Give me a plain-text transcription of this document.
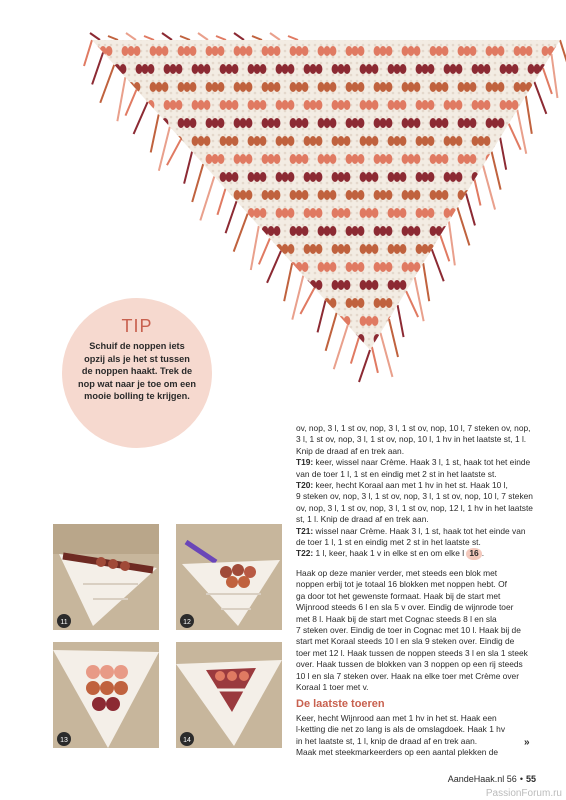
TIP
Schuif de noppen iets
opzij als je het st tussen
de noppen haakt. Trek de
nop wat naar je toe om een
mooie bolling te krijgen.
11	12
13	14
ov, nop, 3 l, 1 st ov, nop, 3 l, 1 st ov, nop, 10 l, 7 steken ov, nop,
3 l, 1 st ov, nop, 3 l, 1 st ov, nop, 10 l, 1 hv in het laatste st, 1 l.
Knip de draad af en trek aan.
T19: keer, wissel naar Crème. Haak 3 l, 1 st, haak tot het einde
van de toer 1 l, 1 st en eindig met 2 st in het laatste st.
T20: keer, hecht Koraal aan met 1 hv in het st. Haak 10 l,
9 steken ov, nop, 3 l, 1 st ov, nop, 3 l, 1 st ov, nop, 10 l, 7 steken
ov, nop, 3 l, 1 st ov, nop, 3 l, 1 st ov, nop, 12 l, 1 hv in het laatste
st, 1 l. Knip de draad af en trek aan.
T21: wissel naar Crème. Haak 3 l, 1 st, haak tot het einde van
de toer 1 l, 1 st en eindig met 2 st in het laatste st.
T22: 1 l, keer, haak 1 v in elke st en om elke l 16 .
Haak op deze manier verder, met steeds een blok met
noppen erbij tot je totaal 16 blokken met noppen hebt. Of
ga door tot het gewenste formaat. Haak bij de start met
Wijnrood steeds 6 l en sla 5 v over. Eindig de wijnrode toer
met 8 l. Haak bij de start met Cognac steeds 8 l en sla
7 steken over. Eindig de toer in Cognac met 10 l. Haak bij de
start met Koraal steeds 10 l en sla 9 steken over. Eindig de
toer met 12 l. Haak tussen de noppen steeds 3 l en sla 1 steek
over. Haak tussen de blokken van 3 noppen op een rij steeds
10 l en sla 7 steken over. Haak na elke toer met Crème over
Koraal 1 toer met v.
De laatste toeren
Keer, hecht Wijnrood aan met 1 hv in het st. Haak een
l-ketting die net zo lang is als de omslagdoek. Haak 1 hv
in het laatste st, 1 l, knip de draad af en trek aan.
Maak met steekmarkeerders op een aantal plekken de
»
AandeHaak.nl 56 • 55
PassionForum.ru
